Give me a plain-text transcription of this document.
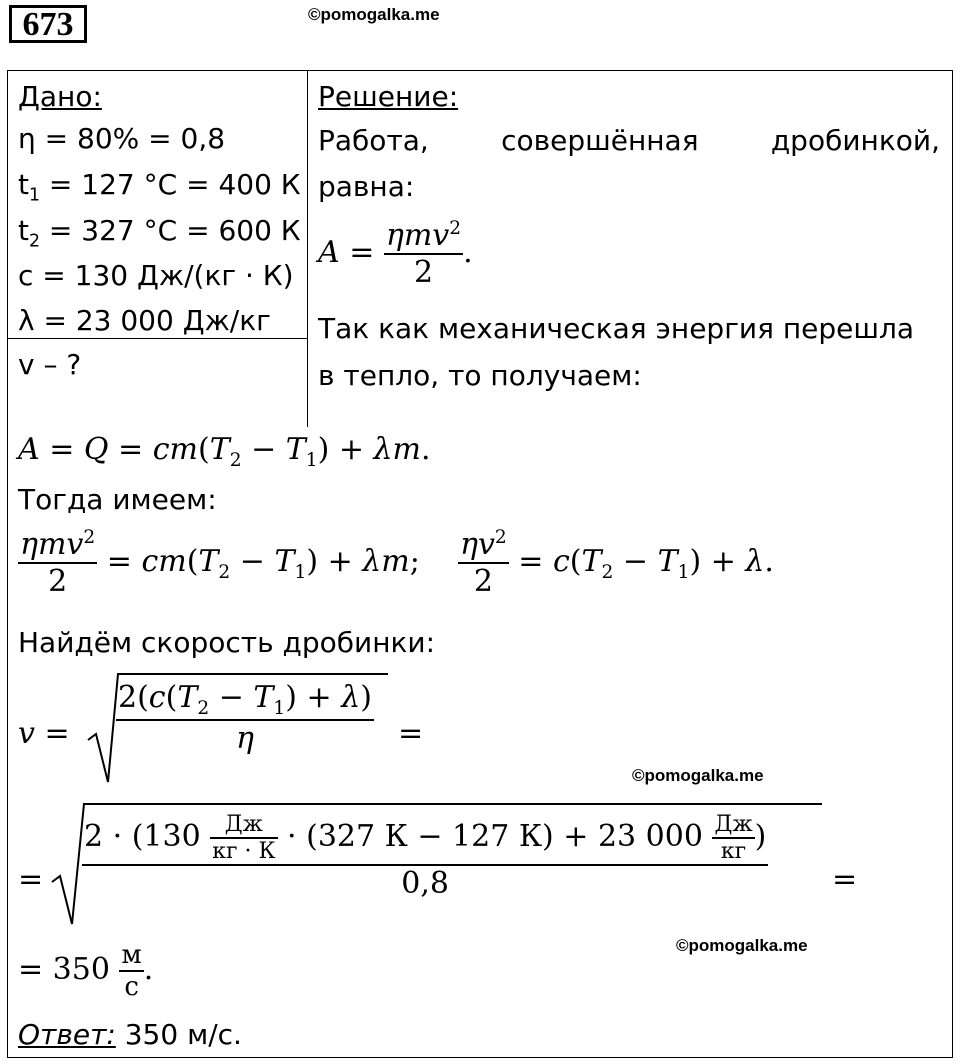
673	©pomogalka.me
Дано:
η = 80% = 0,8
$t_1 = 127$ °C = 400 К
$t_2 = 327$ °C = 600 К
c = 130 Дж/(кг · К)
λ = 23 000 Дж/кг
v – ?
Решение:
Работа, совершённая дробинкой,
равна:
$A = \frac{\eta mv^2}{2}$ .
Так как механическая энергия перешла
в тепло, то получаем:
$A = Q = cm(T_2 - T_1) + \lambda m$.
Тогда имеем:
$\frac{\eta mv^2}{2} = cm(T_2 - T_1) + \lambda m$; $\frac{\eta v^2}{2} = c(T_2 - T_1) + \lambda$.
Найдём скорость дробинки:
$v = \frac{2(c(T_2 - T_1) + \lambda)}{\eta}$ =
©pomogalka.me
=
$2 \cdot (130 \frac{Дж}{кг \cdot К} \cdot (327$ К − 127 К) + 23 $000 \frac{Дж}{кг}$ )
0,8	=
©pomogalka.me
= $350 \frac{м}{с}$ .
Ответ: 350 м/с.
